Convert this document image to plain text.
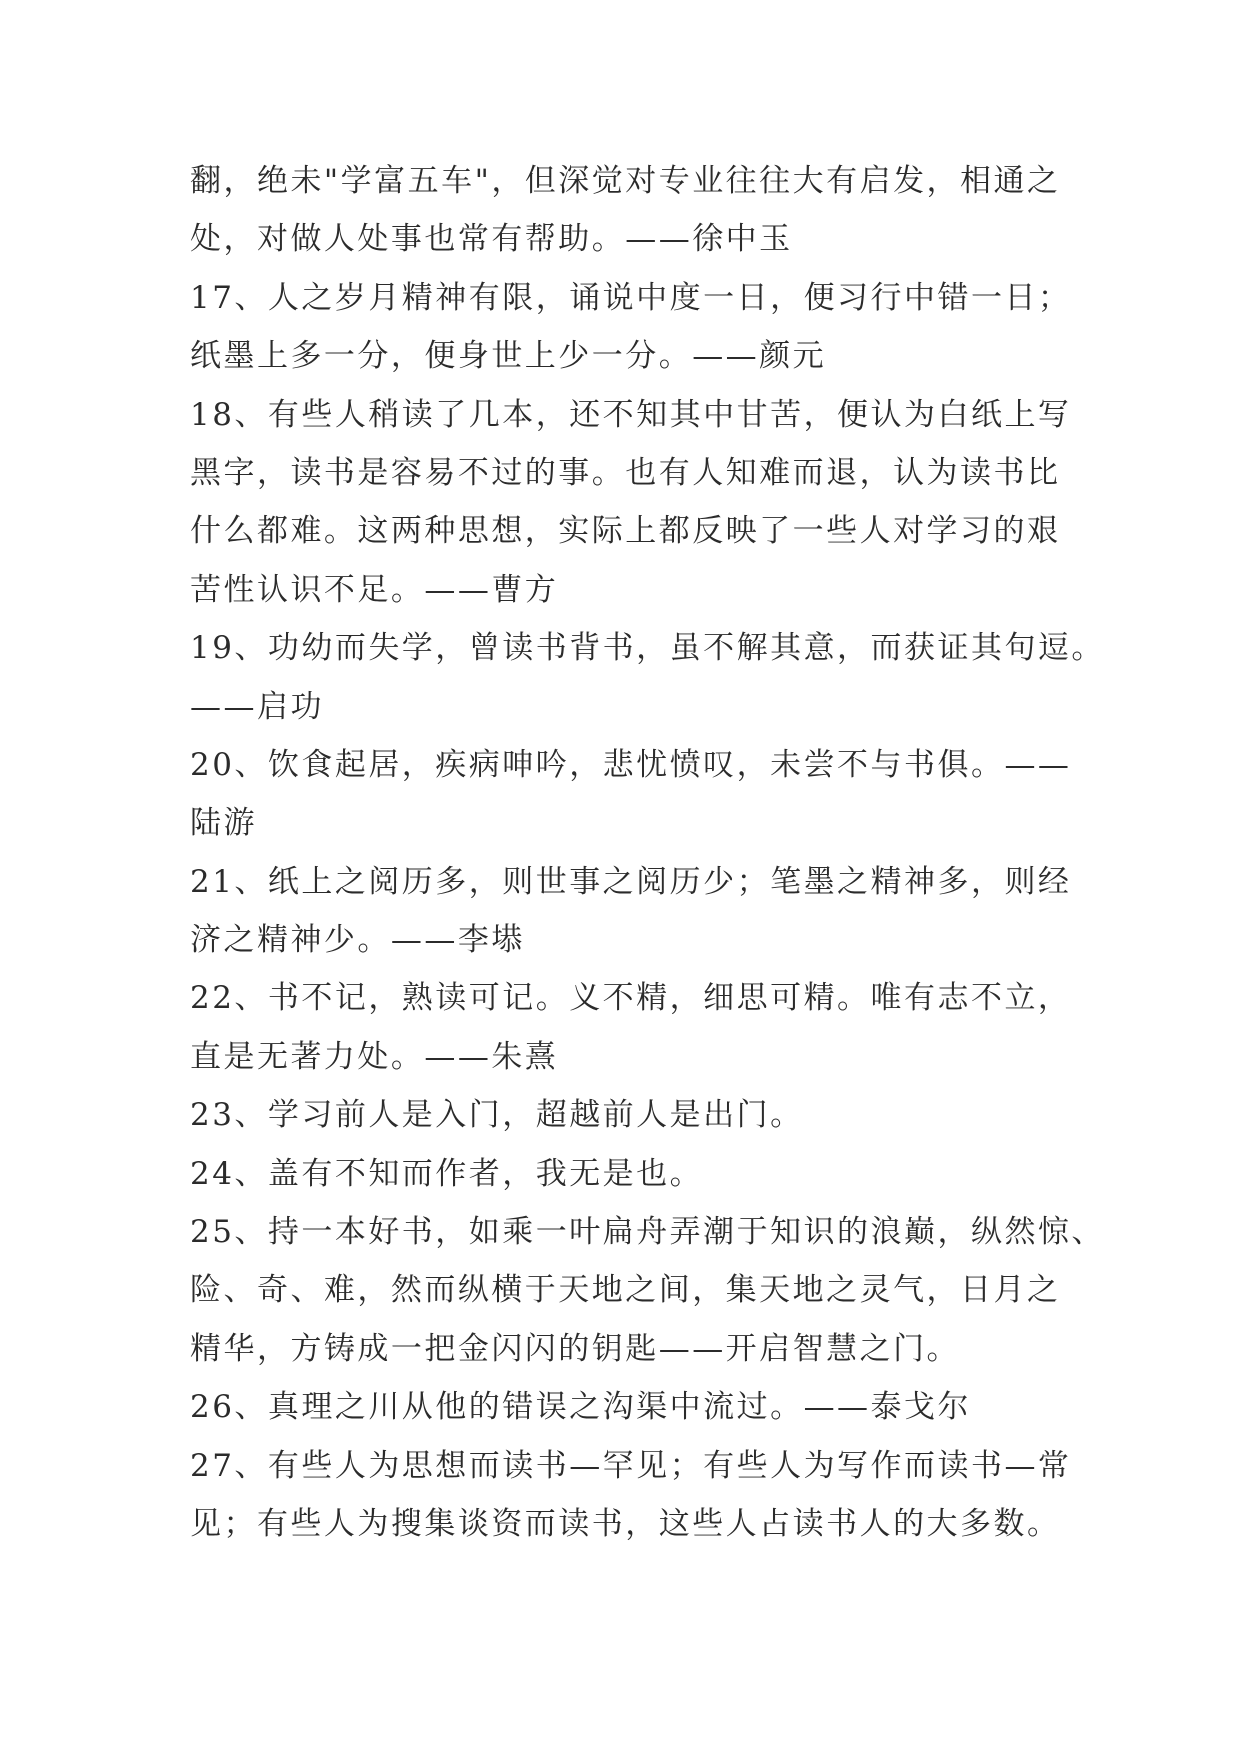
翻，绝未"学富五车"，但深觉对专业往往大有启发，相通之
处，对做人处事也常有帮助。——徐中玉
17、人之岁月精神有限，诵说中度一日，便习行中错一日；
纸墨上多一分，便身世上少一分。——颜元
18、有些人稍读了几本，还不知其中甘苦，便认为白纸上写
黑字，读书是容易不过的事。也有人知难而退，认为读书比
什么都难。这两种思想，实际上都反映了一些人对学习的艰
苦性认识不足。——曹方
19、功幼而失学，曾读书背书，虽不解其意，而获证其句逗。
——启功
20、饮食起居，疾病呻吟，悲忧愤叹，未尝不与书俱。——
陆游
21、纸上之阅历多，则世事之阅历少；笔墨之精神多，则经
济之精神少。——李塨
22、书不记，熟读可记。义不精，细思可精。唯有志不立，
直是无著力处。——朱熹
23、学习前人是入门，超越前人是出门。
24、盖有不知而作者，我无是也。
25、持一本好书，如乘一叶扁舟弄潮于知识的浪巅，纵然惊、
险、奇、难，然而纵横于天地之间，集天地之灵气，日月之
精华，方铸成一把金闪闪的钥匙——开启智慧之门。
26、真理之川从他的错误之沟渠中流过。——泰戈尔
27、有些人为思想而读书—罕见；有些人为写作而读书—常
见；有些人为搜集谈资而读书，这些人占读书人的大多数。
